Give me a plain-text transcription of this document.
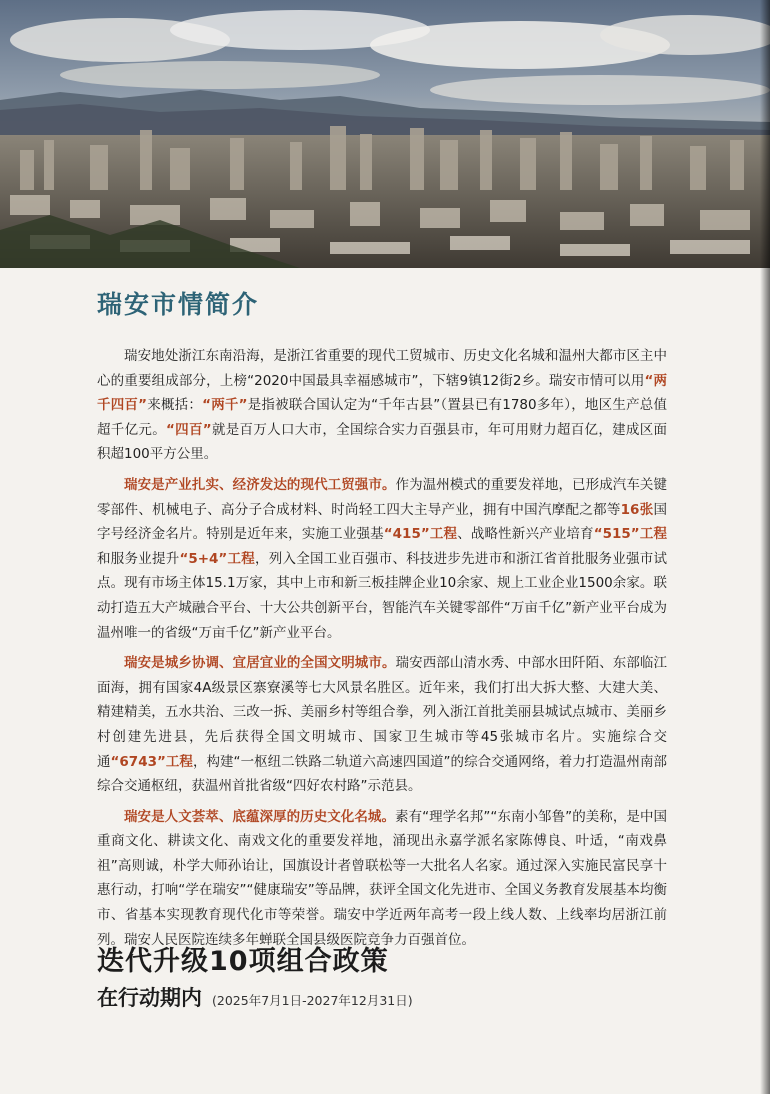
瑞安市情简介

瑞安地处浙江东南沿海，是浙江省重要的现代工贸城市、历史文化名城和温州大都市区主中心的重要组成部分，上榜“2020中国最具幸福感城市”，下辖9镇12街2乡。瑞安市情可以用“两千四百”来概括：“两千”是指被联合国认定为“千年古县”（置县已有1780多年），地区生产总值超千亿元。“四百”就是百万人口大市，全国综合实力百强县市，年可用财力超百亿，建成区面积超100平方公里。

瑞安是产业扎实、经济发达的现代工贸强市。作为温州模式的重要发祥地，已形成汽车关键零部件、机械电子、高分子合成材料、时尚轻工四大主导产业，拥有中国汽摩配之都等16张国字号经济金名片。特别是近年来，实施工业强基“415”工程、战略性新兴产业培育“515”工程和服务业提升“5+4”工程，列入全国工业百强市、科技进步先进市和浙江省首批服务业强市试点。现有市场主体15.1万家，其中上市和新三板挂牌企业10余家、规上工业企业1500余家。联动打造五大产城融合平台、十大公共创新平台，智能汽车关键零部件“万亩千亿”新产业平台成为温州唯一的省级“万亩千亿”新产业平台。

瑞安是城乡协调、宜居宜业的全国文明城市。瑞安西部山清水秀、中部水田阡陌、东部临江面海，拥有国家4A级景区寨寮溪等七大风景名胜区。近年来，我们打出大拆大整、大建大美、精建精美，五水共治、三改一拆、美丽乡村等组合拳，列入浙江首批美丽县城试点城市、美丽乡村创建先进县，先后获得全国文明城市、国家卫生城市等45张城市名片。实施综合交通“6743”工程，构建“一枢纽二铁路二轨道六高速四国道”的综合交通网络，着力打造温州南部综合交通枢纽，获温州首批省级“四好农村路”示范县。

瑞安是人文荟萃、底蕴深厚的历史文化名城。素有“理学名邦”“东南小邹鲁”的美称，是中国重商文化、耕读文化、南戏文化的重要发祥地，涌现出永嘉学派名家陈傅良、叶适，“南戏鼻祖”高则诚，朴学大师孙诒让，国旗设计者曾联松等一大批名人名家。通过深入实施民富民享十惠行动，打响“学在瑞安”“健康瑞安”等品牌，获评全国文化先进市、全国义务教育发展基本均衡市、省基本实现教育现代化市等荣誉。瑞安中学近两年高考一段上线人数、上线率均居浙江前列。瑞安人民医院连续多年蝉联全国县级医院竞争力百强首位。

迭代升级10项组合政策

在行动期内 (2025年7月1日-2027年12月31日)
